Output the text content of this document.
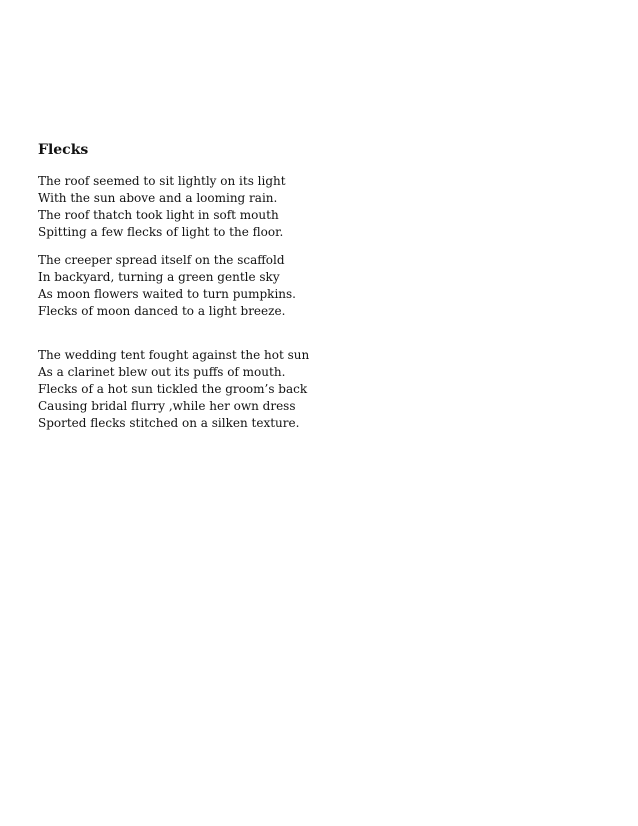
Flecks
The roof seemed to sit lightly on its light
With the sun above and a looming rain.
The roof thatch took light in soft mouth
Spitting a few flecks of light to the floor.
The creeper spread itself on the scaffold
In backyard, turning a green gentle sky
As moon flowers waited to turn pumpkins.
Flecks of moon danced to a light breeze.
The wedding tent fought against the hot sun
As a clarinet blew out its puffs of mouth.
Flecks of a hot sun tickled the groom’s back
Causing bridal flurry ,while her own dress
Sported flecks stitched on a silken texture.
